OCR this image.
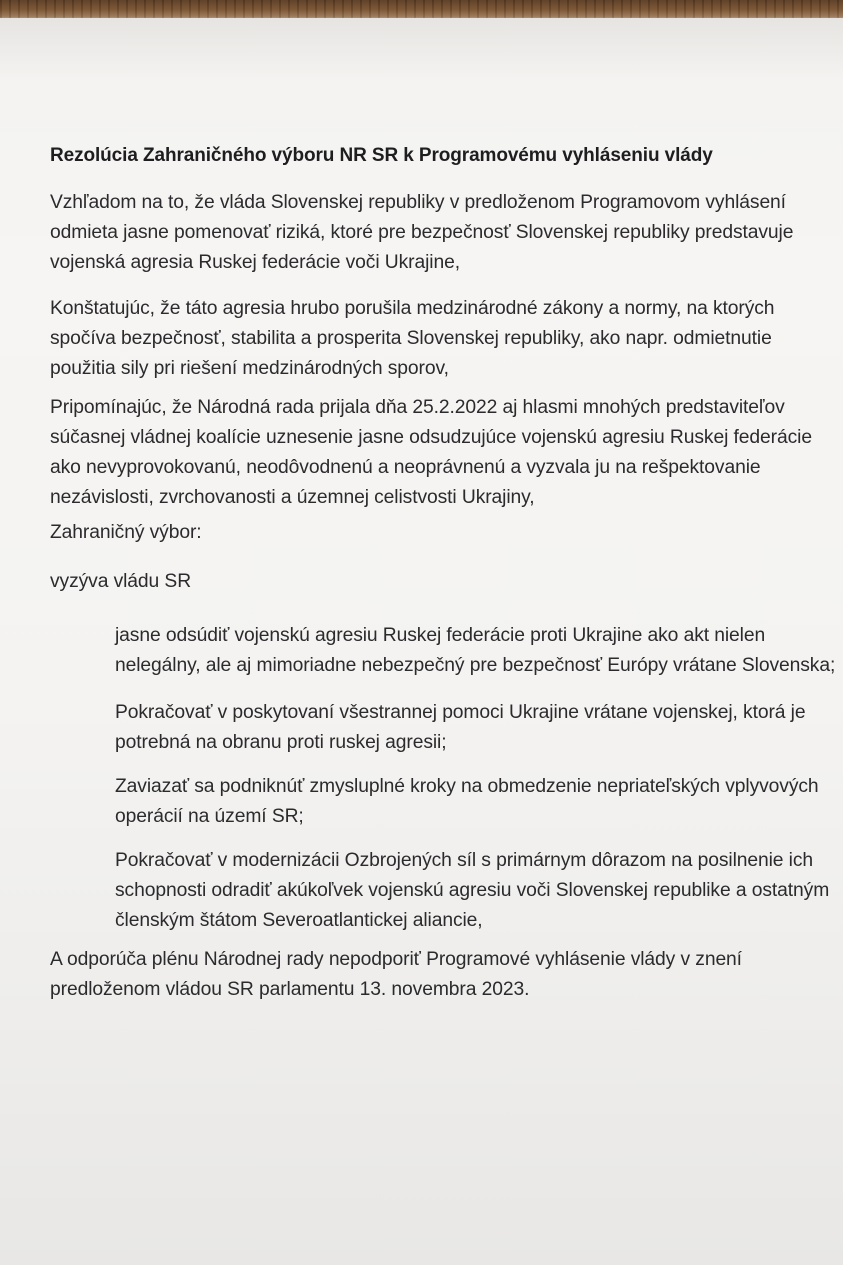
Rezolúcia Zahraničného výboru NR SR k Programovému vyhláseniu vlády
Vzhľadom na to, že vláda Slovenskej republiky v predloženom Programovom vyhlásení
odmieta jasne pomenovať riziká, ktoré pre bezpečnosť Slovenskej republiky predstavuje
vojenská agresia Ruskej federácie voči Ukrajine,
Konštatujúc, že táto agresia hrubo porušila medzinárodné zákony a normy, na ktorých
spočíva bezpečnosť, stabilita a prosperita Slovenskej republiky, ako napr. odmietnutie
použitia sily pri riešení medzinárodných sporov,
Pripomínajúc, že Národná rada prijala dňa 25.2.2022 aj hlasmi mnohých predstaviteľov
súčasnej vládnej koalície uznesenie jasne odsudzujúce vojenskú agresiu Ruskej federácie
ako nevyprovokovanú, neodôvodnenú a neoprávnenú a vyzvala ju na rešpektovanie
nezávislosti, zvrchovanosti a územnej celistvosti Ukrajiny,
Zahraničný výbor:
vyzýva vládu SR
jasne odsúdiť vojenskú agresiu Ruskej federácie proti Ukrajine ako akt nielen
nelegálny, ale aj mimoriadne nebezpečný pre bezpečnosť Európy vrátane Slovenska;
Pokračovať v poskytovaní všestrannej pomoci Ukrajine vrátane vojenskej, ktorá je
potrebná na obranu proti ruskej agresii;
Zaviazať sa podniknúť zmysluplné kroky na obmedzenie nepriateľských vplyvových
operácií na území SR;
Pokračovať v modernizácii Ozbrojených síl s primárnym dôrazom na posilnenie ich
schopnosti odradiť akúkoľvek vojenskú agresiu voči Slovenskej republike a ostatným
členským štátom Severoatlantickej aliancie,
A odporúča plénu Národnej rady nepodporiť Programové vyhlásenie vlády v znení
predloženom vládou SR parlamentu 13. novembra 2023.
